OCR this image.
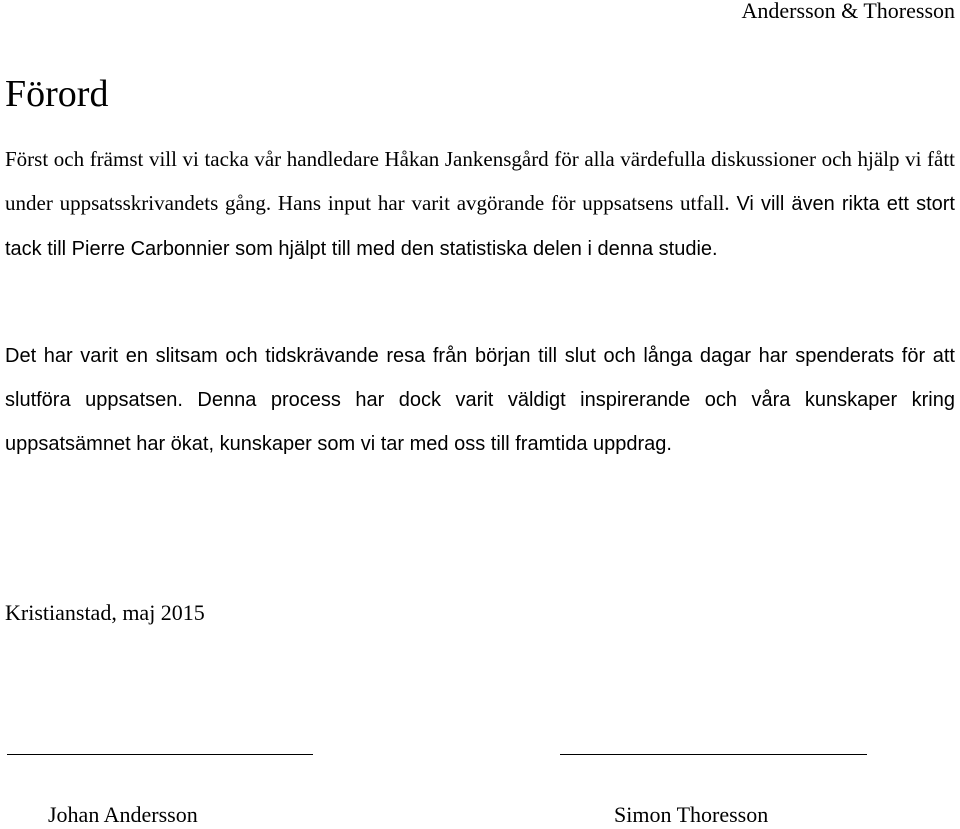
Andersson & Thoresson
Förord

Först och främst vill vi tacka vår handledare Håkan Jankensgård för alla värdefulla diskussioner och hjälp vi fått under uppsatsskrivandets gång. Hans input har varit avgörande för uppsatsens utfall. Vi vill även rikta ett stort tack till Pierre Carbonnier som hjälpt till med den statistiska delen i denna studie.

Det har varit en slitsam och tidskrävande resa från början till slut och långa dagar har spenderats för att slutföra uppsatsen. Denna process har dock varit väldigt inspirerande och våra kunskaper kring uppsatsämnet har ökat, kunskaper som vi tar med oss till framtida uppdrag.

Kristianstad, maj 2015
Johan Andersson	Simon Thoresson
